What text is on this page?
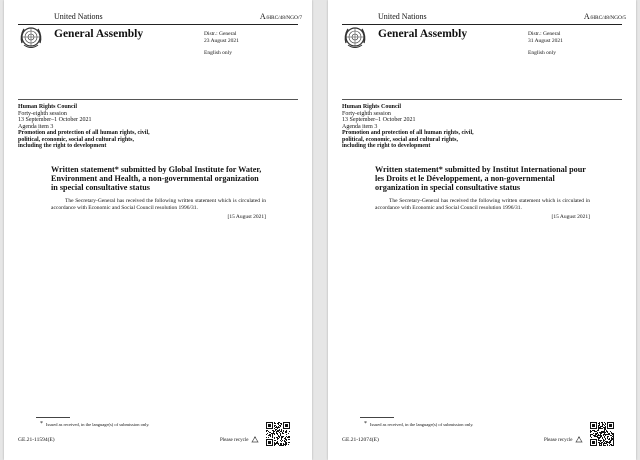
United Nations	A/HRC/48/NGO/7
General Assembly	Distr.: General
23 August 2021
English only
Human Rights Council
Forty-eighth session
13 September–1 October 2021
Agenda item 3
Promotion and protection of all human rights, civil,
political, economic, social and cultural rights,
including the right to development
Written statement* submitted by Global Institute for Water, Environment and Health, a non-governmental organization in special consultative status
The Secretary-General has received the following written statement which is circulated in accordance with Economic and Social Council resolution 1996/31.
[15 August 2021]
* Issued as received, in the language(s) of submission only.
GE.21-11594(E)	Please recycle
United Nations	A/HRC/48/NGO/5
General Assembly	Distr.: General
31 August 2021
English only
Human Rights Council
Forty-eighth session
13 September–1 October 2021
Agenda item 3
Promotion and protection of all human rights, civil,
political, economic, social and cultural rights,
including the right to development
Written statement* submitted by Institut International pour les Droits et le Développement, a non-governmental organization in special consultative status
The Secretary-General has received the following written statement which is circulated in accordance with Economic and Social Council resolution 1996/31.
[15 August 2021]
* Issued as received, in the language(s) of submission only.
GE.21-12074(E)	Please recycle
